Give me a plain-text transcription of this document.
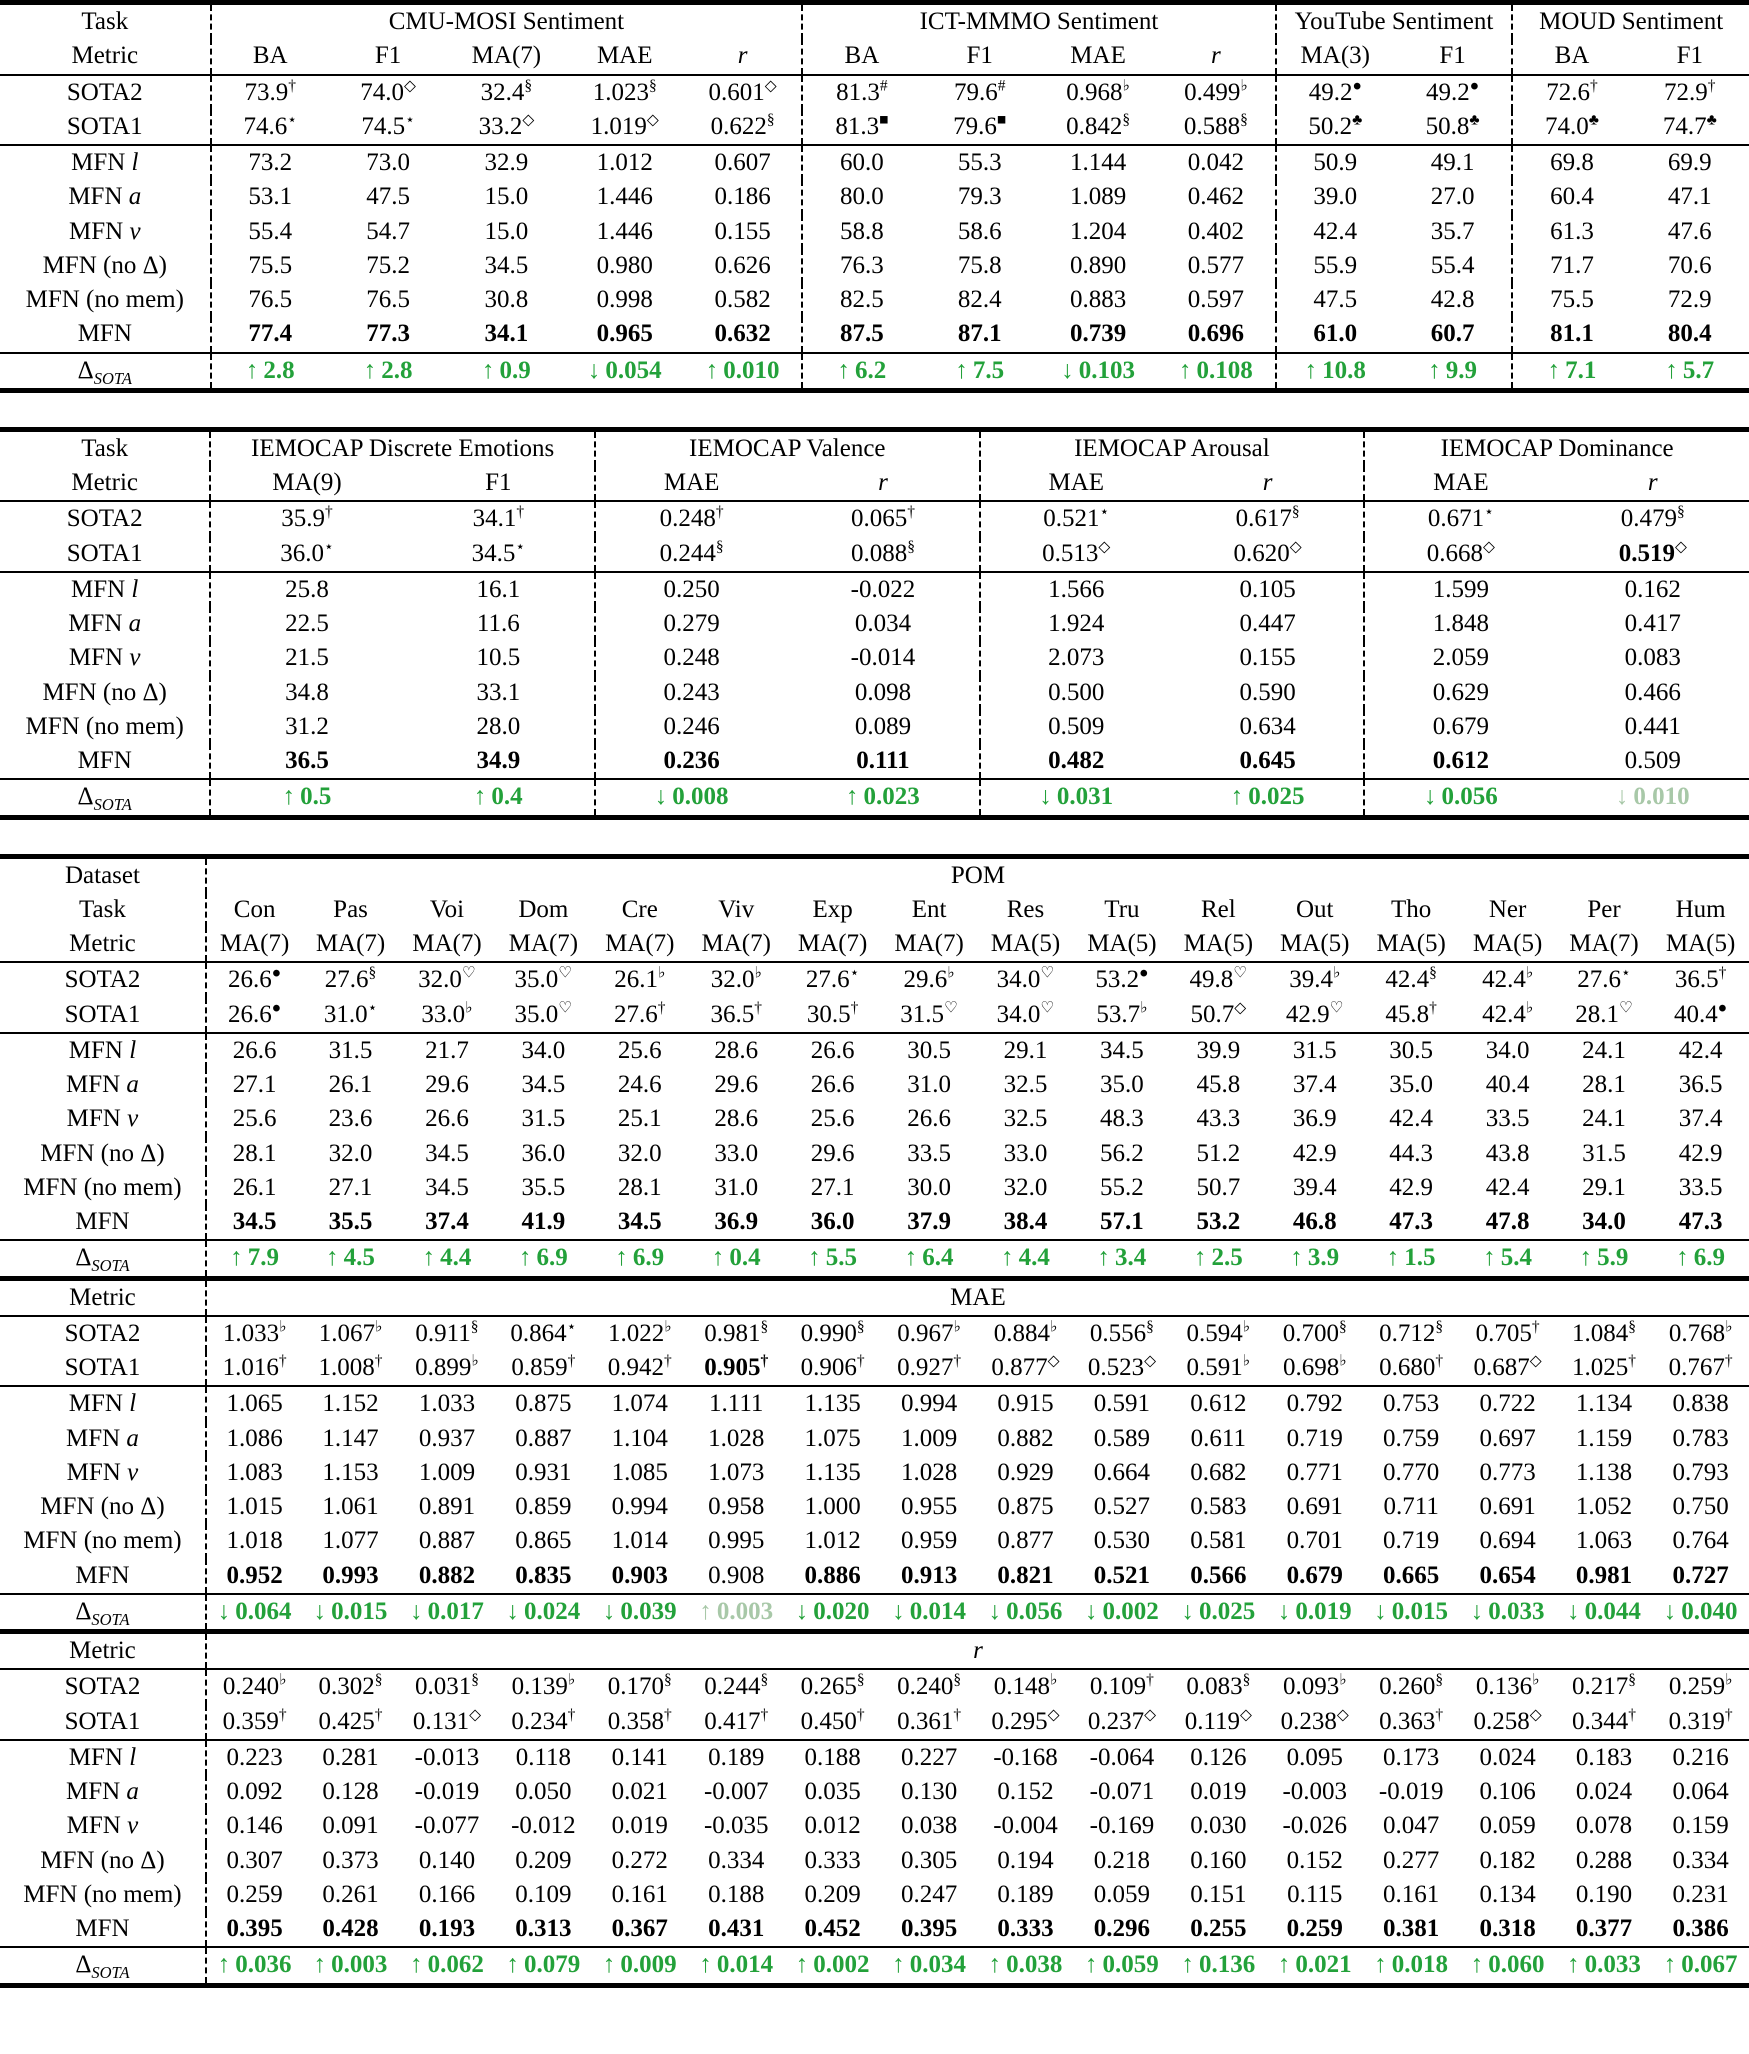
Task	CMU-MOSI Sentiment					ICT-MMMO Sentiment				YouTube Sentiment		MOUD Sentiment	
Metric	BA	F1	MA(7)	MAE	r	BA	F1	MAE	r	MA(3)	F1	BA	F1
SOTA2	73.9†	74.0◇	32.4§	1.023§	0.601◇	81.3#	79.6#	0.968♭	0.499♭	49.2●	49.2●	72.6†	72.9†
SOTA1	74.6⋆	74.5⋆	33.2◇	1.019◇	0.622§	81.3■	79.6■	0.842§	0.588§	50.2♣	50.8♣	74.0♣	74.7♣
MFN l	73.2	73.0	32.9	1.012	0.607	60.0	55.3	1.144	0.042	50.9	49.1	69.8	69.9
MFN a	53.1	47.5	15.0	1.446	0.186	80.0	79.3	1.089	0.462	39.0	27.0	60.4	47.1
MFN v	55.4	54.7	15.0	1.446	0.155	58.8	58.6	1.204	0.402	42.4	35.7	61.3	47.6
MFN (no Δ)	75.5	75.2	34.5	0.980	0.626	76.3	75.8	0.890	0.577	55.9	55.4	71.7	70.6
MFN (no mem)	76.5	76.5	30.8	0.998	0.582	82.5	82.4	0.883	0.597	47.5	42.8	75.5	72.9
MFN	77.4	77.3	34.1	0.965	0.632	87.5	87.1	0.739	0.696	61.0	60.7	81.1	80.4
$\Delta_{SOTA}$	↑ 2.8	↑ 2.8	↑ 0.9	↓ 0.054	↑ 0.010	↑ 6.2	↑ 7.5	↓ 0.103	↑ 0.108	↑ 10.8	↑ 9.9	↑ 7.1	↑ 5.7
Task	IEMOCAP Discrete Emotions		IEMOCAP Valence		IEMOCAP Arousal		IEMOCAP Dominance	
Metric	MA(9)	F1	MAE	r	MAE	r	MAE	r
SOTA2	35.9†	34.1†	0.248†	0.065†	0.521⋆	0.617§	0.671⋆	0.479§
SOTA1	36.0⋆	34.5⋆	0.244§	0.088§	0.513◇	0.620◇	0.668◇	0.519◇
MFN l	25.8	16.1	0.250	-0.022	1.566	0.105	1.599	0.162
MFN a	22.5	11.6	0.279	0.034	1.924	0.447	1.848	0.417
MFN v	21.5	10.5	0.248	-0.014	2.073	0.155	2.059	0.083
MFN (no Δ)	34.8	33.1	0.243	0.098	0.500	0.590	0.629	0.466
MFN (no mem)	31.2	28.0	0.246	0.089	0.509	0.634	0.679	0.441
MFN	36.5	34.9	0.236	0.111	0.482	0.645	0.612	0.509
$\Delta_{SOTA}$	↑ 0.5	↑ 0.4	↓ 0.008	↑ 0.023	↓ 0.031	↑ 0.025	↓ 0.056	↓ 0.010
Dataset	POM															
Task	Con	Pas	Voi	Dom	Cre	Viv	Exp	Ent	Res	Tru	Rel	Out	Tho	Ner	Per	Hum
Metric	MA(7)	MA(7)	MA(7)	MA(7)	MA(7)	MA(7)	MA(7)	MA(7)	MA(5)	MA(5)	MA(5)	MA(5)	MA(5)	MA(5)	MA(7)	MA(5)
SOTA2	26.6●	27.6§	32.0♡	35.0♡	26.1♭	32.0♭	27.6⋆	29.6♭	34.0♡	53.2●	49.8♡	39.4♭	42.4§	42.4♭	27.6⋆	36.5†
SOTA1	26.6●	31.0⋆	33.0♭	35.0♡	27.6†	36.5†	30.5†	31.5♡	34.0♡	53.7♭	50.7◇	42.9♡	45.8†	42.4♭	28.1♡	40.4●
MFN l	26.6	31.5	21.7	34.0	25.6	28.6	26.6	30.5	29.1	34.5	39.9	31.5	30.5	34.0	24.1	42.4
MFN a	27.1	26.1	29.6	34.5	24.6	29.6	26.6	31.0	32.5	35.0	45.8	37.4	35.0	40.4	28.1	36.5
MFN v	25.6	23.6	26.6	31.5	25.1	28.6	25.6	26.6	32.5	48.3	43.3	36.9	42.4	33.5	24.1	37.4
MFN (no Δ)	28.1	32.0	34.5	36.0	32.0	33.0	29.6	33.5	33.0	56.2	51.2	42.9	44.3	43.8	31.5	42.9
MFN (no mem)	26.1	27.1	34.5	35.5	28.1	31.0	27.1	30.0	32.0	55.2	50.7	39.4	42.9	42.4	29.1	33.5
MFN	34.5	35.5	37.4	41.9	34.5	36.9	36.0	37.9	38.4	57.1	53.2	46.8	47.3	47.8	34.0	47.3
$\Delta_{SOTA}$	↑ 7.9	↑ 4.5	↑ 4.4	↑ 6.9	↑ 6.9	↑ 0.4	↑ 5.5	↑ 6.4	↑ 4.4	↑ 3.4	↑ 2.5	↑ 3.9	↑ 1.5	↑ 5.4	↑ 5.9	↑ 6.9
Metric	MAE															
SOTA2	1.033♭	1.067♭	0.911§	0.864⋆	1.022♭	0.981§	0.990§	0.967♭	0.884♭	0.556§	0.594♭	0.700§	0.712§	0.705†	1.084§	0.768♭
SOTA1	1.016†	1.008†	0.899♭	0.859†	0.942†	0.905†	0.906†	0.927†	0.877◇	0.523◇	0.591♭	0.698♭	0.680†	0.687◇	1.025†	0.767†
MFN l	1.065	1.152	1.033	0.875	1.074	1.111	1.135	0.994	0.915	0.591	0.612	0.792	0.753	0.722	1.134	0.838
MFN a	1.086	1.147	0.937	0.887	1.104	1.028	1.075	1.009	0.882	0.589	0.611	0.719	0.759	0.697	1.159	0.783
MFN v	1.083	1.153	1.009	0.931	1.085	1.073	1.135	1.028	0.929	0.664	0.682	0.771	0.770	0.773	1.138	0.793
MFN (no Δ)	1.015	1.061	0.891	0.859	0.994	0.958	1.000	0.955	0.875	0.527	0.583	0.691	0.711	0.691	1.052	0.750
MFN (no mem)	1.018	1.077	0.887	0.865	1.014	0.995	1.012	0.959	0.877	0.530	0.581	0.701	0.719	0.694	1.063	0.764
MFN	0.952	0.993	0.882	0.835	0.903	0.908	0.886	0.913	0.821	0.521	0.566	0.679	0.665	0.654	0.981	0.727
$\Delta_{SOTA}$	↓ 0.064	↓ 0.015	↓ 0.017	↓ 0.024	↓ 0.039	↑ 0.003	↓ 0.020	↓ 0.014	↓ 0.056	↓ 0.002	↓ 0.025	↓ 0.019	↓ 0.015	↓ 0.033	↓ 0.044	↓ 0.040
Metric	r															
SOTA2	0.240♭	0.302§	0.031§	0.139♭	0.170§	0.244§	0.265§	0.240§	0.148♭	0.109†	0.083§	0.093♭	0.260§	0.136♭	0.217§	0.259♭
SOTA1	0.359†	0.425†	0.131◇	0.234†	0.358†	0.417†	0.450†	0.361†	0.295◇	0.237◇	0.119◇	0.238◇	0.363†	0.258◇	0.344†	0.319†
MFN l	0.223	0.281	-0.013	0.118	0.141	0.189	0.188	0.227	-0.168	-0.064	0.126	0.095	0.173	0.024	0.183	0.216
MFN a	0.092	0.128	-0.019	0.050	0.021	-0.007	0.035	0.130	0.152	-0.071	0.019	-0.003	-0.019	0.106	0.024	0.064
MFN v	0.146	0.091	-0.077	-0.012	0.019	-0.035	0.012	0.038	-0.004	-0.169	0.030	-0.026	0.047	0.059	0.078	0.159
MFN (no Δ)	0.307	0.373	0.140	0.209	0.272	0.334	0.333	0.305	0.194	0.218	0.160	0.152	0.277	0.182	0.288	0.334
MFN (no mem)	0.259	0.261	0.166	0.109	0.161	0.188	0.209	0.247	0.189	0.059	0.151	0.115	0.161	0.134	0.190	0.231
MFN	0.395	0.428	0.193	0.313	0.367	0.431	0.452	0.395	0.333	0.296	0.255	0.259	0.381	0.318	0.377	0.386
$\Delta_{SOTA}$	↑ 0.036	↑ 0.003	↑ 0.062	↑ 0.079	↑ 0.009	↑ 0.014	↑ 0.002	↑ 0.034	↑ 0.038	↑ 0.059	↑ 0.136	↑ 0.021	↑ 0.018	↑ 0.060	↑ 0.033	↑ 0.067
